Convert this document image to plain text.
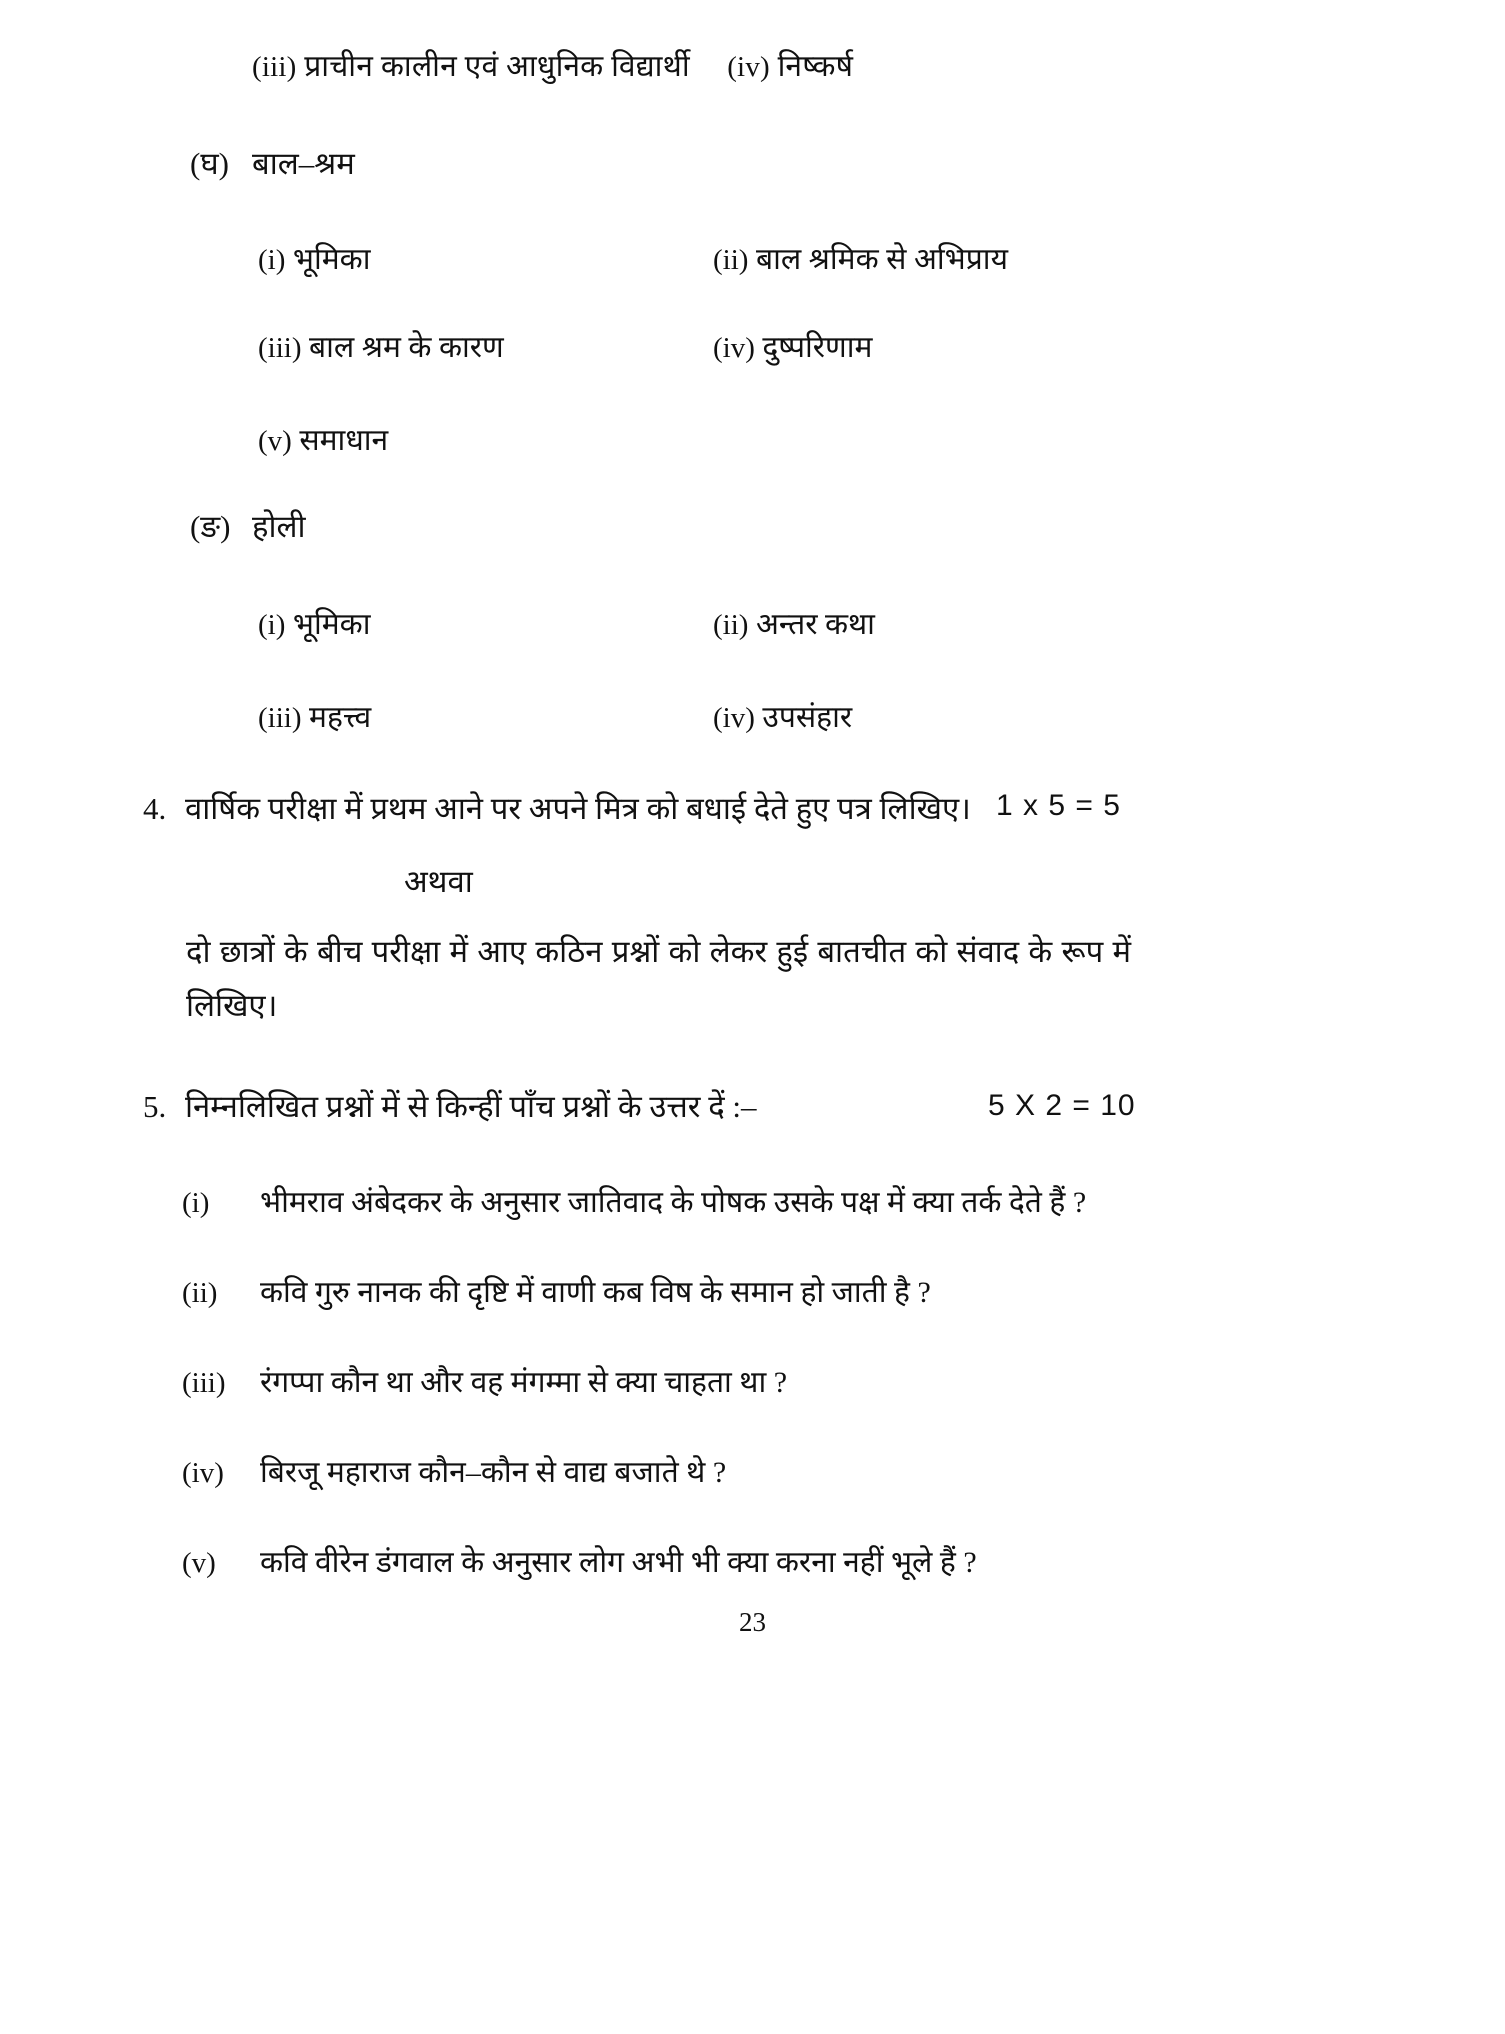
(iii) प्राचीन कालीन एवं आधुनिक विद्यार्थी (iv) निष्कर्ष
(घ) बाल–श्रम
(i) भूमिका	(ii) बाल श्रमिक से अभिप्राय
(iii) बाल श्रम के कारण	(iv) दुष्परिणाम
(v) समाधान
(ङ) होली
(i) भूमिका	(ii) अन्तर कथा
(iii) महत्त्व	(iv) उपसंहार
4. वार्षिक परीक्षा में प्रथम आने पर अपने मित्र को बधाई देते हुए पत्र लिखिए। 1 x 5 = 5
अथवा
दो छात्रों के बीच परीक्षा में आए कठिन प्रश्नों को लेकर हुई बातचीत को संवाद के रूप में लिखिए।
5. निम्नलिखित प्रश्नों में से किन्हीं पाँच प्रश्नों के उत्तर दें :–	5 X 2 = 10
(i)	भीमराव अंबेदकर के अनुसार जातिवाद के पोषक उसके पक्ष में क्या तर्क देते हैं ?
(ii)	कवि गुरु नानक की दृष्टि में वाणी कब विष के समान हो जाती है ?
(iii)	रंगप्पा कौन था और वह मंगम्मा से क्या चाहता था ?
(iv)	बिरजू महाराज कौन–कौन से वाद्य बजाते थे ?
(v)	कवि वीरेन डंगवाल के अनुसार लोग अभी भी क्या करना नहीं भूले हैं ?
23
